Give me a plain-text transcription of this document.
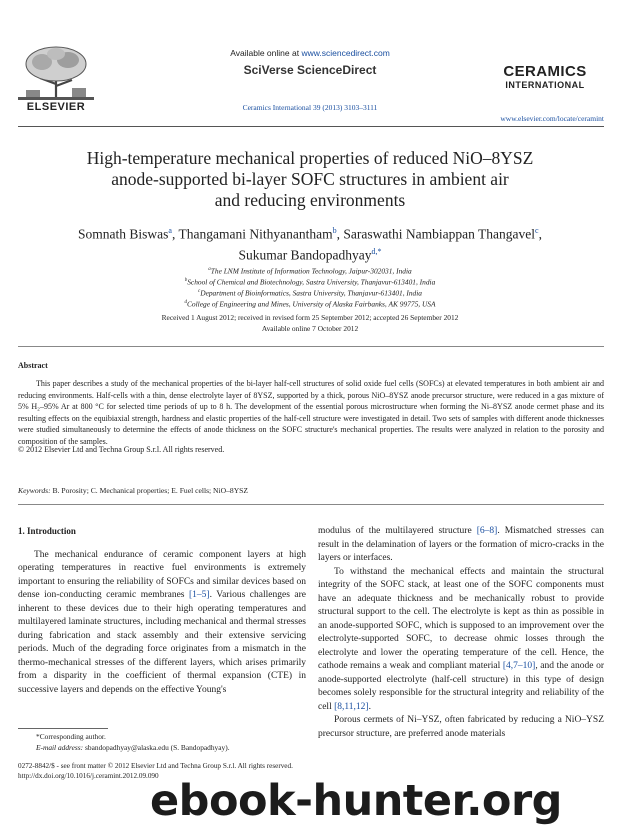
ELSEVIER
Available online at www.sciencedirect.com
SciVerse ScienceDirect
Ceramics International 39 (2013) 3103–3111
CERAMICS
INTERNATIONAL
www.elsevier.com/locate/ceramint
High-temperature mechanical properties of reduced NiO–8YSZ
anode-supported bi-layer SOFC structures in ambient air
and reducing environments
Somnath Biswas$^a$, Thangamani Nithyanantham$^b$, Saraswathi Nambiappan Thangavel$^c$,
Sukumar Bandopadhyay$^{d,*}$
$^a$The LNM Institute of Information Technology, Jaipur-302031, India
$^b$School of Chemical and Biotechnology, Sastra University, Thanjavur-613401, India
$^c$Department of Bioinformatics, Sastra University, Thanjavur-613401, India
$^d$College of Engineering and Mines, University of Alaska Fairbanks, AK 99775, USA
Received 1 August 2012; received in revised form 25 September 2012; accepted 26 September 2012
Available online 7 October 2012
Abstract
This paper describes a study of the mechanical properties of the bi-layer half-cell structures of solid oxide fuel cells (SOFCs) at elevated temperatures in both ambient air and reducing environments. Half-cells with a thin, dense electrolyte layer of 8YSZ, supported by a thick, porous NiO–8YSZ anode precursor structure, were reduced in a gas mixture of 5% H₂–95% Ar at 800 °C for selected time periods of up to 8 h. The development of the essential porous microstructure when forming the Ni–8YSZ anode cermet phase and its resulting effects on the equibiaxial strength, hardness and elastic properties of the half-cell structure were investigated in detail. Two sets of samples with different anode thicknesses were studied simultaneously to determine the effects of anode thickness on the SOFC structure's mechanical properties. The results were analyzed in relation to the porosity and composition of the samples.
© 2012 Elsevier Ltd and Techna Group S.r.l. All rights reserved.
Keywords: B. Porosity; C. Mechanical properties; E. Fuel cells; NiO–8YSZ
1. Introduction

The mechanical endurance of ceramic component layers at high operating temperatures in reactive fuel environments is extremely important to ensuring the reliability of SOFCs and similar devices based on dense ion-conducting ceramic membranes [1–5]. Various challenges are inherent to these devices due to their high operating temperatures and multilayered laminate structures, including mechanical and thermal stresses during fabrication and stack assembly and their extensive servicing periods. Much of the degrading force originates from a mismatch in the thermo-mechanical stresses of the different layers, which arises primarily from a disparity in the coefficient of thermal expansion (CTE) in successive layers and depends on the effective Young's

modulus of the multilayered structure [6–8]. Mismatched stresses can result in the delamination of layers or the formation of micro-cracks in the layers or interfaces.

To withstand the mechanical effects and maintain the structural integrity of the SOFC stack, at least one of the SOFC components must have an adequate thickness and be mechanically robust to provide structural support to the cell. The electrolyte is kept as thin as possible in an anode-supported SOFC, which is supposed to an improvement over the electrolyte-supported SOFC, to decrease ohmic losses through the electrolyte and lower the operating temperature of the cell. Hence, the cathode remains a weak and compliant material [4,7–10], and the anode or anode-supported electrolyte (half-cell structure) in this type of design becomes solely responsible for the structural integrity and reliability of the cell [8,11,12].

Porous cermets of Ni–YSZ, often fabricated by reducing a NiO–YSZ precursor structure, are preferred anode materials

*Corresponding author.
E-mail address: sbandopadhyay@alaska.edu (S. Bandopadhyay).
0272-8842/$ - see front matter © 2012 Elsevier Ltd and Techna Group S.r.l. All rights reserved.
http://dx.doi.org/10.1016/j.ceramint.2012.09.090
ebook-hunter.org
